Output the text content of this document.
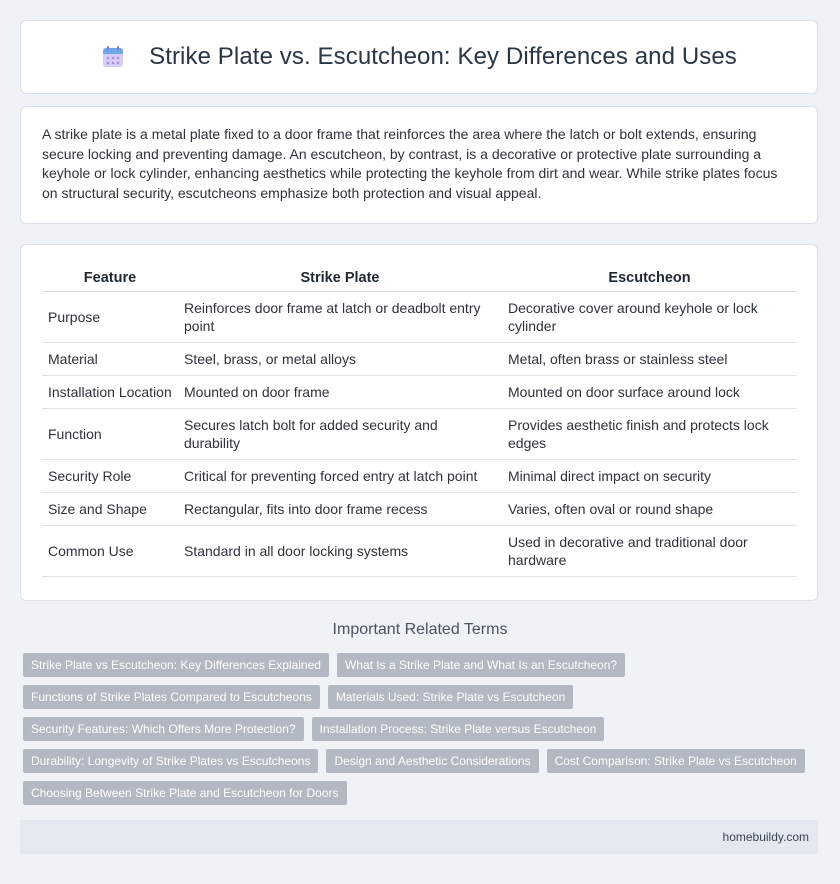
Strike Plate vs. Escutcheon: Key Differences and Uses

A strike plate is a metal plate fixed to a door frame that reinforces the area where the latch or bolt extends, ensuring secure locking and preventing damage. An escutcheon, by contrast, is a decorative or protective plate surrounding a keyhole or lock cylinder, enhancing aesthetics while protecting the keyhole from dirt and wear. While strike plates focus on structural security, escutcheons emphasize both protection and visual appeal.

Feature	Strike Plate	Escutcheon
Purpose	Reinforces door frame at latch or deadbolt entry point	Decorative cover around keyhole or lock cylinder
Material	Steel, brass, or metal alloys	Metal, often brass or stainless steel
Installation Location	Mounted on door frame	Mounted on door surface around lock
Function	Secures latch bolt for added security and durability	Provides aesthetic finish and protects lock edges
Security Role	Critical for preventing forced entry at latch point	Minimal direct impact on security
Size and Shape	Rectangular, fits into door frame recess	Varies, often oval or round shape
Common Use	Standard in all door locking systems	Used in decorative and traditional door hardware
Important Related Terms
Strike Plate vs Escutcheon: Key Differences Explained	What Is a Strike Plate and What Is an Escutcheon?
Functions of Strike Plates Compared to Escutcheons	Materials Used: Strike Plate vs Escutcheon
Security Features: Which Offers More Protection?	Installation Process: Strike Plate versus Escutcheon
Durability: Longevity of Strike Plates vs Escutcheons	Design and Aesthetic Considerations	Cost Comparison: Strike Plate vs Escutcheon
Choosing Between Strike Plate and Escutcheon for Doors
homebuildy.com
